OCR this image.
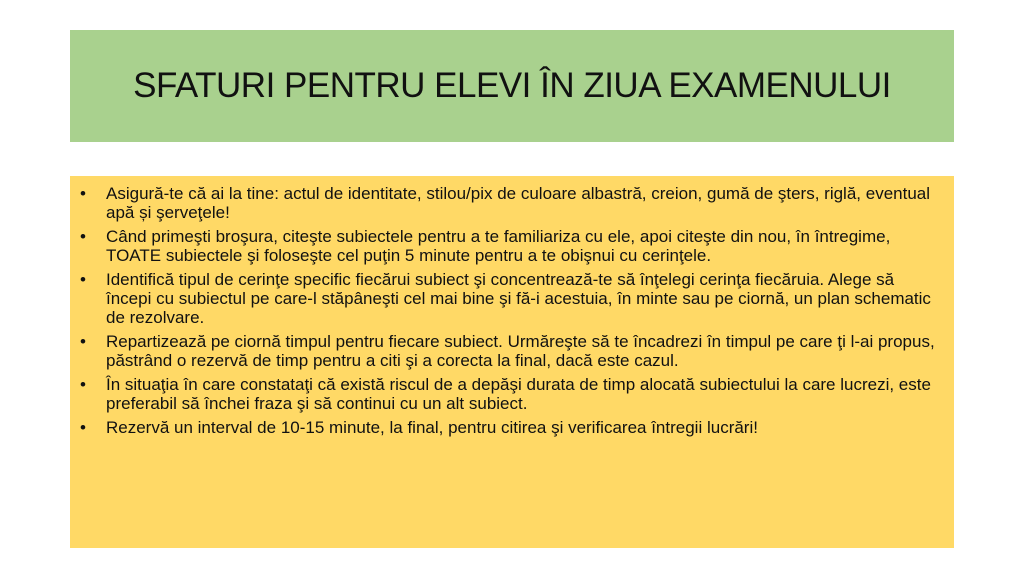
SFATURI PENTRU ELEVI ÎN ZIUA EXAMENULUI
• Asigură-te că ai la tine: actul de identitate, stilou/pix de culoare albastră, creion, gumă de şters, riglă, eventual apă și şerveţele!
• Când primeşti broşura, citeşte subiectele pentru a te familiariza cu ele, apoi citeşte din nou, în întregime, TOATE subiectele şi foloseşte cel puţin 5 minute pentru a te obişnui cu cerinţele.
• Identifică tipul de cerinţe specific fiecărui subiect şi concentrează-te să înţelegi cerinţa fiecăruia. Alege să începi cu subiectul pe care-l stăpâneşti cel mai bine şi fă-i acestuia, în minte sau pe ciornă, un plan schematic de rezolvare.
• Repartizează pe ciornă timpul pentru fiecare subiect. Urmăreşte să te încadrezi în timpul pe care ţi l-ai propus, păstrând o rezervă de timp pentru a citi şi a corecta la final, dacă este cazul.
• În situaţia în care constataţi că există riscul de a depăşi durata de timp alocată subiectului la care lucrezi, este preferabil să închei fraza şi să continui cu un alt subiect.
• Rezervă un interval de 10-15 minute, la final, pentru citirea şi verificarea întregii lucrări!
